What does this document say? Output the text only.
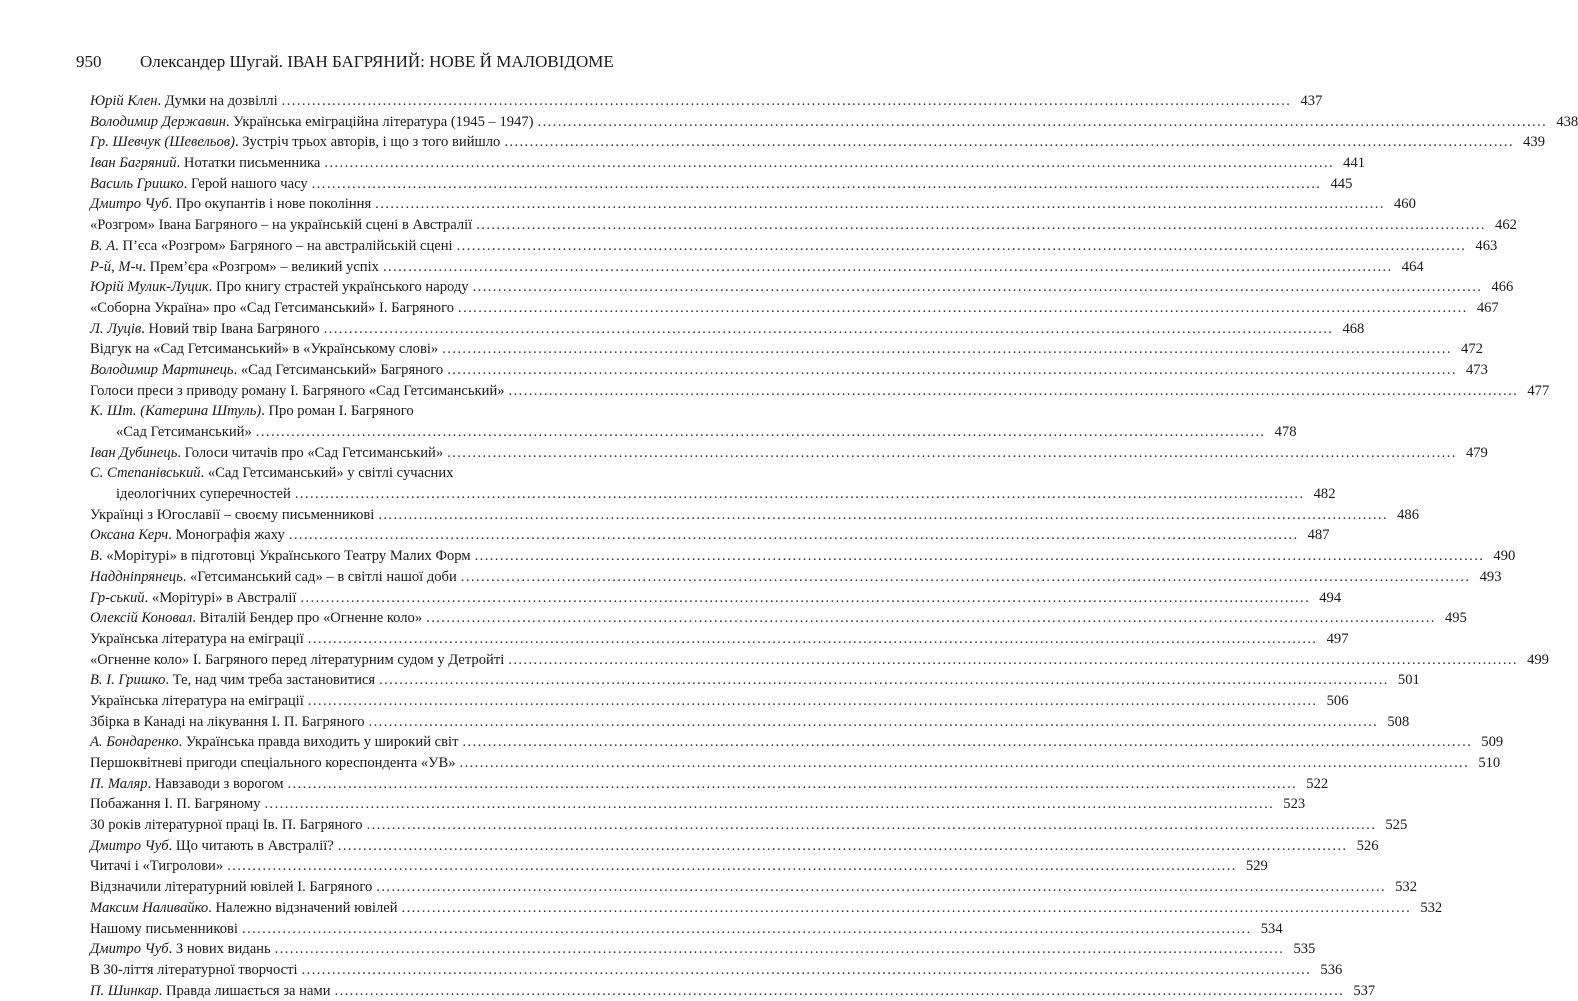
950 Олександер Шугай. ІВАН БАГРЯНИЙ: НОВЕ Й МАЛОВІДОМЕ
Юрій Клен. Думки на дозвіллі ........................................................................................................................................................................................................ 437
Володимир Державин. Українська еміграційна література (1945 – 1947) ........................................................................................................................................................................................................ 438
Гр. Шевчук (Шевельов). Зустріч трьох авторів, і що з того вийшло ........................................................................................................................................................................................................ 439
Іван Багряний. Нотатки письменника ........................................................................................................................................................................................................ 441
Василь Гришко. Герой нашого часу ........................................................................................................................................................................................................ 445
Дмитро Чуб. Про окупантів і нове покоління ........................................................................................................................................................................................................ 460
«Розгром» Івана Багряного – на українській сцені в Австралії ........................................................................................................................................................................................................ 462
В. А. П’єса «Розгром» Багряного – на австралійській сцені ........................................................................................................................................................................................................ 463
Р-й, М-ч. Прем’єра «Розгром» – великий успіх ........................................................................................................................................................................................................ 464
Юрій Мулик-Луцик. Про книгу страстей українського народу ........................................................................................................................................................................................................ 466
«Соборна Україна» про «Сад Гетсиманський» І. Багряного ........................................................................................................................................................................................................ 467
Л. Луців. Новий твір Івана Багряного ........................................................................................................................................................................................................ 468
Відгук на «Сад Гетсиманський» в «Українському слові» ........................................................................................................................................................................................................ 472
Володимир Мартинець. «Сад Гетсиманський» Багряного ........................................................................................................................................................................................................ 473
Голоси преси з приводу роману І. Багряного «Сад Гетсиманський» ........................................................................................................................................................................................................ 477
К. Шт. (Катерина Штуль). Про роман І. Багряного
«Сад Гетсиманський» ........................................................................................................................................................................................................ 478
Іван Дубинець. Голоси читачів про «Сад Гетсиманський» ........................................................................................................................................................................................................ 479
С. Степанівський. «Сад Гетсиманський» у світлі сучасних
ідеологічних суперечностей ........................................................................................................................................................................................................ 482
Українці з Югославії – своєму письменникові ........................................................................................................................................................................................................ 486
Оксана Керч. Монографія жаху ........................................................................................................................................................................................................ 487
В. «Морітурі» в підготовці Українського Театру Малих Форм ........................................................................................................................................................................................................ 490
Наддніпрянець. «Гетсиманський сад» – в світлі нашої доби ........................................................................................................................................................................................................ 493
Гр-ський. «Морітурі» в Австралії ........................................................................................................................................................................................................ 494
Олексій Коновал. Віталій Бендер про «Огненне коло» ........................................................................................................................................................................................................ 495
Українська література на еміграції ........................................................................................................................................................................................................ 497
«Огненне коло» І. Багряного перед літературним судом у Детройті ........................................................................................................................................................................................................ 499
В. І. Гришко. Те, над чим треба застановитися ........................................................................................................................................................................................................ 501
Українська література на еміграції ........................................................................................................................................................................................................ 506
Збірка в Канаді на лікування І. П. Багряного ........................................................................................................................................................................................................ 508
А. Бондаренко. Українська правда виходить у широкий світ ........................................................................................................................................................................................................ 509
Першоквітневі пригоди спеціального кореспондента «УВ» ........................................................................................................................................................................................................ 510
П. Маляр. Навзаводи з ворогом ........................................................................................................................................................................................................ 522
Побажання І. П. Багряному ........................................................................................................................................................................................................ 523
30 років літературної праці Ів. П. Багряного ........................................................................................................................................................................................................ 525
Дмитро Чуб. Що читають в Австралії? ........................................................................................................................................................................................................ 526
Читачі і «Тигролови» ........................................................................................................................................................................................................ 529
Відзначили літературний ювілей І. Багряного ........................................................................................................................................................................................................ 532
Максим Наливайко. Належно відзначений ювілей ........................................................................................................................................................................................................ 532
Нашому письменникові ........................................................................................................................................................................................................ 534
Дмитро Чуб. З нових видань ........................................................................................................................................................................................................ 535
В 30-ліття літературної творчості ........................................................................................................................................................................................................ 536
П. Шинкар. Правда лишається за нами ........................................................................................................................................................................................................ 537
